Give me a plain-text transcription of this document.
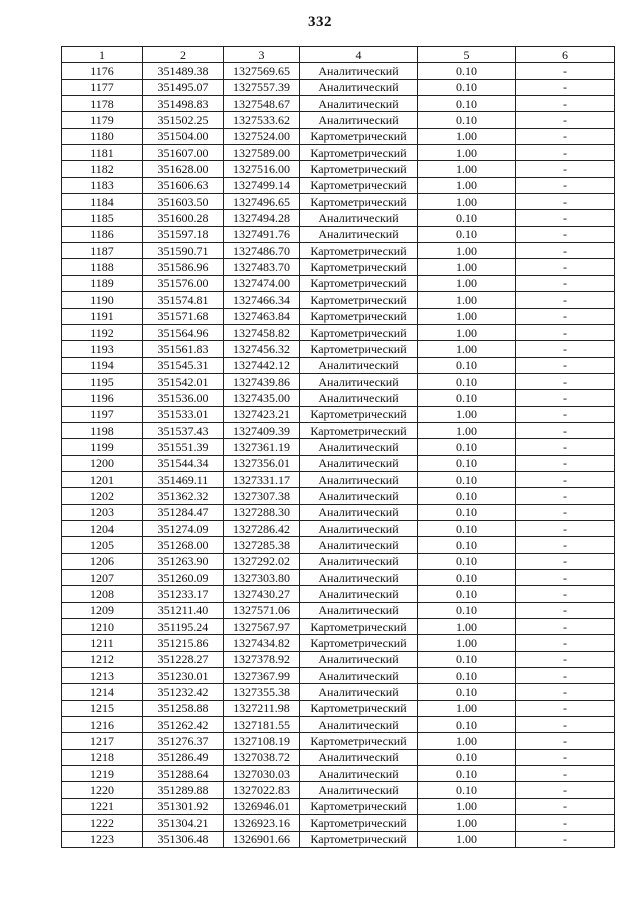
332
1	2	3	4	5	6
1176	351489.38	1327569.65	Аналитический	0.10	-
1177	351495.07	1327557.39	Аналитический	0.10	-
1178	351498.83	1327548.67	Аналитический	0.10	-
1179	351502.25	1327533.62	Аналитический	0.10	-
1180	351504.00	1327524.00	Картометрический	1.00	-
1181	351607.00	1327589.00	Картометрический	1.00	-
1182	351628.00	1327516.00	Картометрический	1.00	-
1183	351606.63	1327499.14	Картометрический	1.00	-
1184	351603.50	1327496.65	Картометрический	1.00	-
1185	351600.28	1327494.28	Аналитический	0.10	-
1186	351597.18	1327491.76	Аналитический	0.10	-
1187	351590.71	1327486.70	Картометрический	1.00	-
1188	351586.96	1327483.70	Картометрический	1.00	-
1189	351576.00	1327474.00	Картометрический	1.00	-
1190	351574.81	1327466.34	Картометрический	1.00	-
1191	351571.68	1327463.84	Картометрический	1.00	-
1192	351564.96	1327458.82	Картометрический	1.00	-
1193	351561.83	1327456.32	Картометрический	1.00	-
1194	351545.31	1327442.12	Аналитический	0.10	-
1195	351542.01	1327439.86	Аналитический	0.10	-
1196	351536.00	1327435.00	Аналитический	0.10	-
1197	351533.01	1327423.21	Картометрический	1.00	-
1198	351537.43	1327409.39	Картометрический	1.00	-
1199	351551.39	1327361.19	Аналитический	0.10	-
1200	351544.34	1327356.01	Аналитический	0.10	-
1201	351469.11	1327331.17	Аналитический	0.10	-
1202	351362.32	1327307.38	Аналитический	0.10	-
1203	351284.47	1327288.30	Аналитический	0.10	-
1204	351274.09	1327286.42	Аналитический	0.10	-
1205	351268.00	1327285.38	Аналитический	0.10	-
1206	351263.90	1327292.02	Аналитический	0.10	-
1207	351260.09	1327303.80	Аналитический	0.10	-
1208	351233.17	1327430.27	Аналитический	0.10	-
1209	351211.40	1327571.06	Аналитический	0.10	-
1210	351195.24	1327567.97	Картометрический	1.00	-
1211	351215.86	1327434.82	Картометрический	1.00	-
1212	351228.27	1327378.92	Аналитический	0.10	-
1213	351230.01	1327367.99	Аналитический	0.10	-
1214	351232.42	1327355.38	Аналитический	0.10	-
1215	351258.88	1327211.98	Картометрический	1.00	-
1216	351262.42	1327181.55	Аналитический	0.10	-
1217	351276.37	1327108.19	Картометрический	1.00	-
1218	351286.49	1327038.72	Аналитический	0.10	-
1219	351288.64	1327030.03	Аналитический	0.10	-
1220	351289.88	1327022.83	Аналитический	0.10	-
1221	351301.92	1326946.01	Картометрический	1.00	-
1222	351304.21	1326923.16	Картометрический	1.00	-
1223	351306.48	1326901.66	Картометрический	1.00	-
